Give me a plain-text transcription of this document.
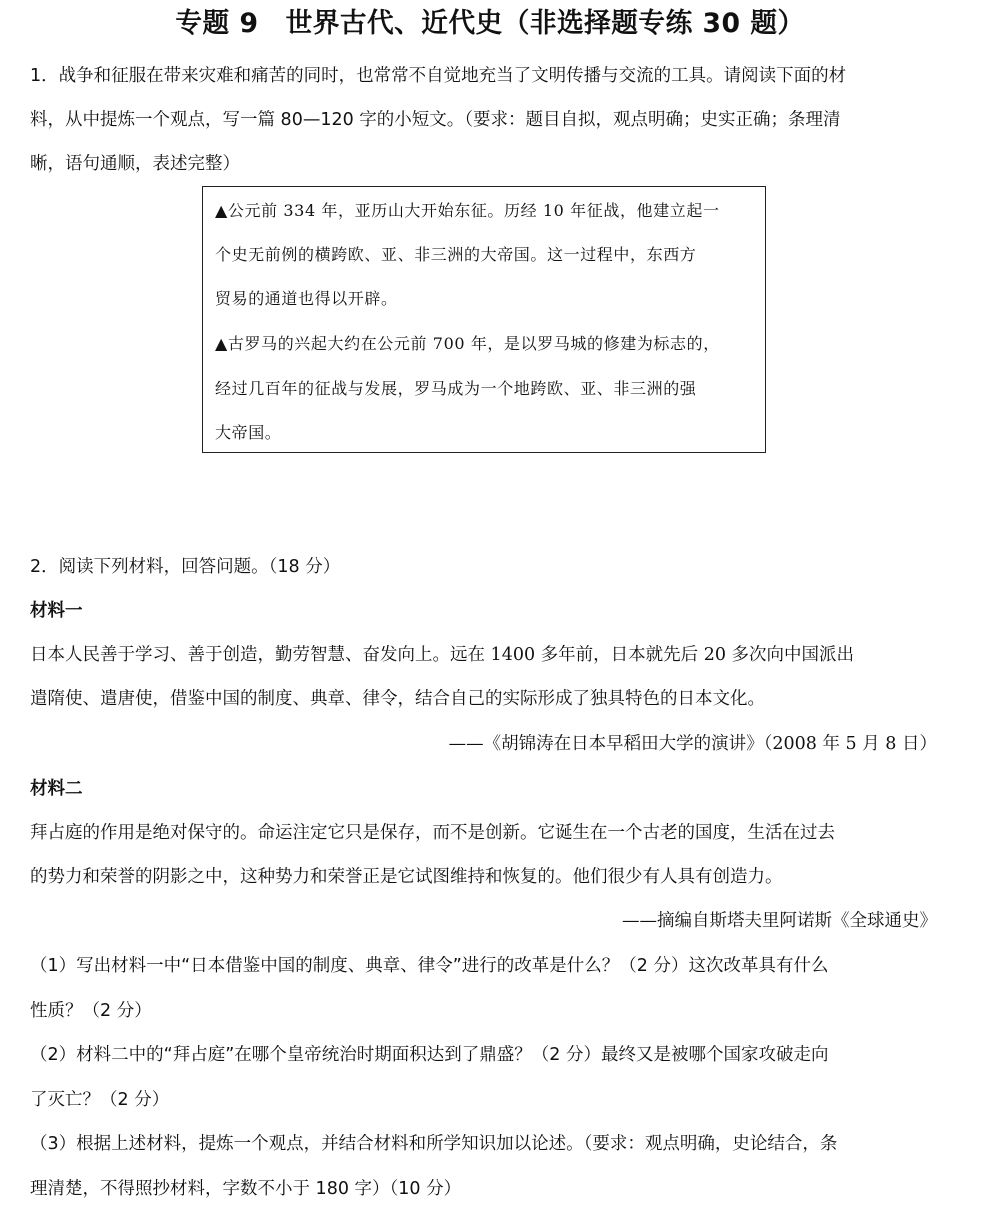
专题 9　世界古代、近代史（非选择题专练 30 题）
1．战争和征服在带来灾难和痛苦的同时，也常常不自觉地充当了文明传播与交流的工具。请阅读下面的材
料，从中提炼一个观点，写一篇 80—120 字的小短文。（要求：题目自拟，观点明确；史实正确；条理清
晰，语句通顺，表述完整）
▲公元前 334 年，亚历山大开始东征。历经 10 年征战，他建立起一
个史无前例的横跨欧、亚、非三洲的大帝国。这一过程中，东西方
贸易的通道也得以开辟。
▲古罗马的兴起大约在公元前 700 年，是以罗马城的修建为标志的，
经过几百年的征战与发展，罗马成为一个地跨欧、亚、非三洲的强
大帝国。
2．阅读下列材料，回答问题。（18 分）
材料一
日本人民善于学习、善于创造，勤劳智慧、奋发向上。远在 1400 多年前，日本就先后 20 多次向中国派出
遣隋使、遣唐使，借鉴中国的制度、典章、律令，结合自己的实际形成了独具特色的日本文化。
——《胡锦涛在日本早稻田大学的演讲》（2008 年 5 月 8 日）
材料二
拜占庭的作用是绝对保守的。命运注定它只是保存，而不是创新。它诞生在一个古老的国度，生活在过去
的势力和荣誉的阴影之中，这种势力和荣誉正是它试图维持和恢复的。他们很少有人具有创造力。
——摘编自斯塔夫里阿诺斯《全球通史》
（1）写出材料一中“日本借鉴中国的制度、典章、律令”进行的改革是什么？（2 分）这次改革具有什么
性质？（2 分）
（2）材料二中的“拜占庭”在哪个皇帝统治时期面积达到了鼎盛？（2 分）最终又是被哪个国家攻破走向
了灭亡？（2 分）
（3）根据上述材料，提炼一个观点，并结合材料和所学知识加以论述。（要求：观点明确，史论结合，条
理清楚，不得照抄材料，字数不小于 180 字）（10 分）
